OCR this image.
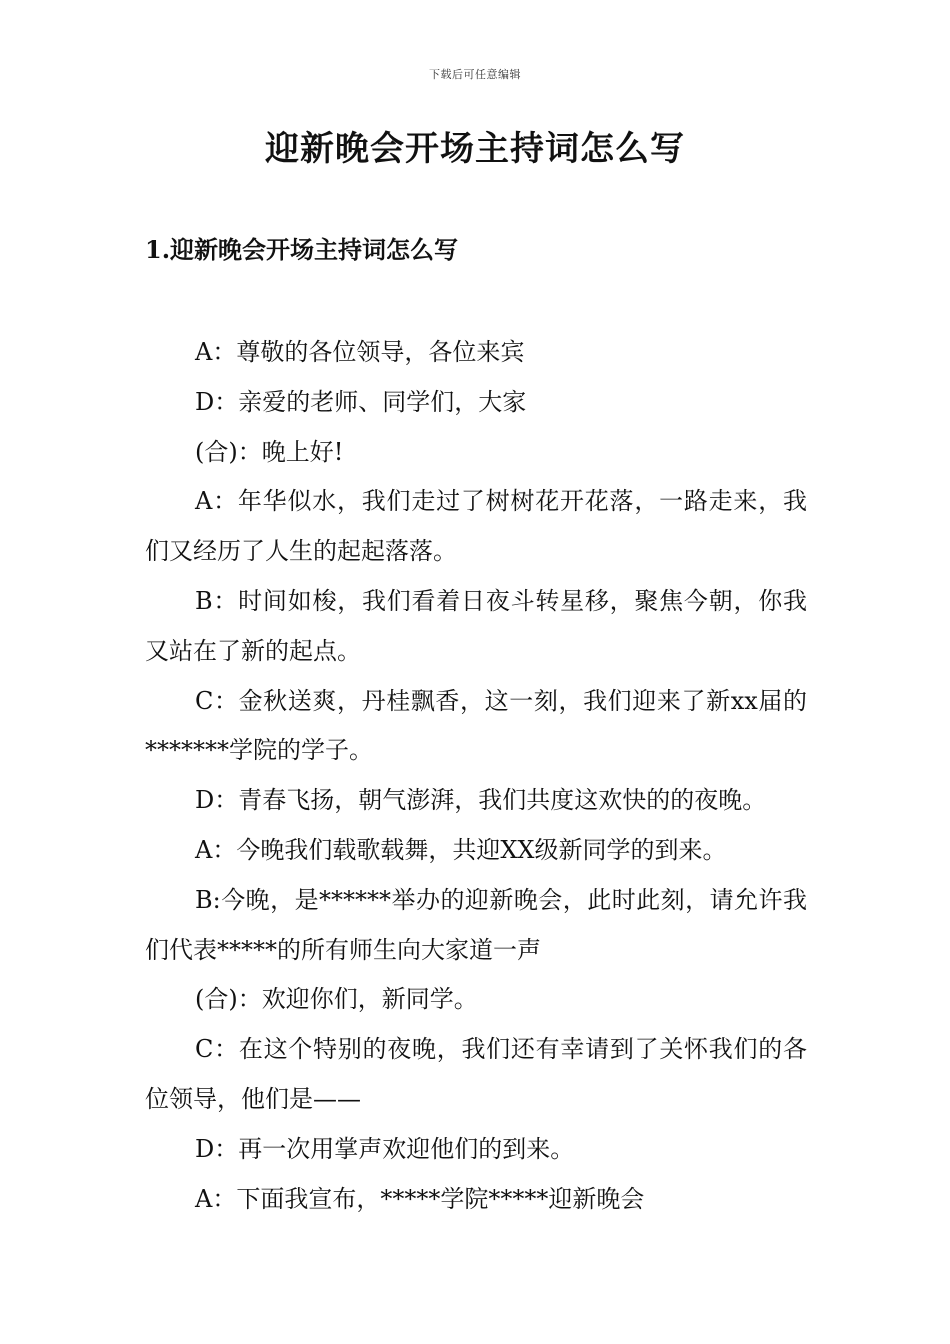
下载后可任意编辑
迎新晚会开场主持词怎么写
1.迎新晚会开场主持词怎么写

A：尊敬的各位领导，各位来宾

D：亲爱的老师、同学们，大家

(合)：晚上好!

A：年华似水，我们走过了树树花开花落，一路走来，我们又经历了人生的起起落落。

B：时间如梭，我们看着日夜斗转星移，聚焦今朝，你我又站在了新的起点。

C：金秋送爽，丹桂飘香，这一刻，我们迎来了新xx届的*******学院的学子。

D：青春飞扬，朝气澎湃，我们共度这欢快的的夜晚。

A：今晚我们载歌载舞，共迎XX级新同学的到来。

B:今晚，是******举办的迎新晚会，此时此刻，请允许我们代表*****的所有师生向大家道一声

(合)：欢迎你们，新同学。

C：在这个特别的夜晚，我们还有幸请到了关怀我们的各位领导，他们是——

D：再一次用掌声欢迎他们的到来。

A：下面我宣布，*****学院*****迎新晚会
